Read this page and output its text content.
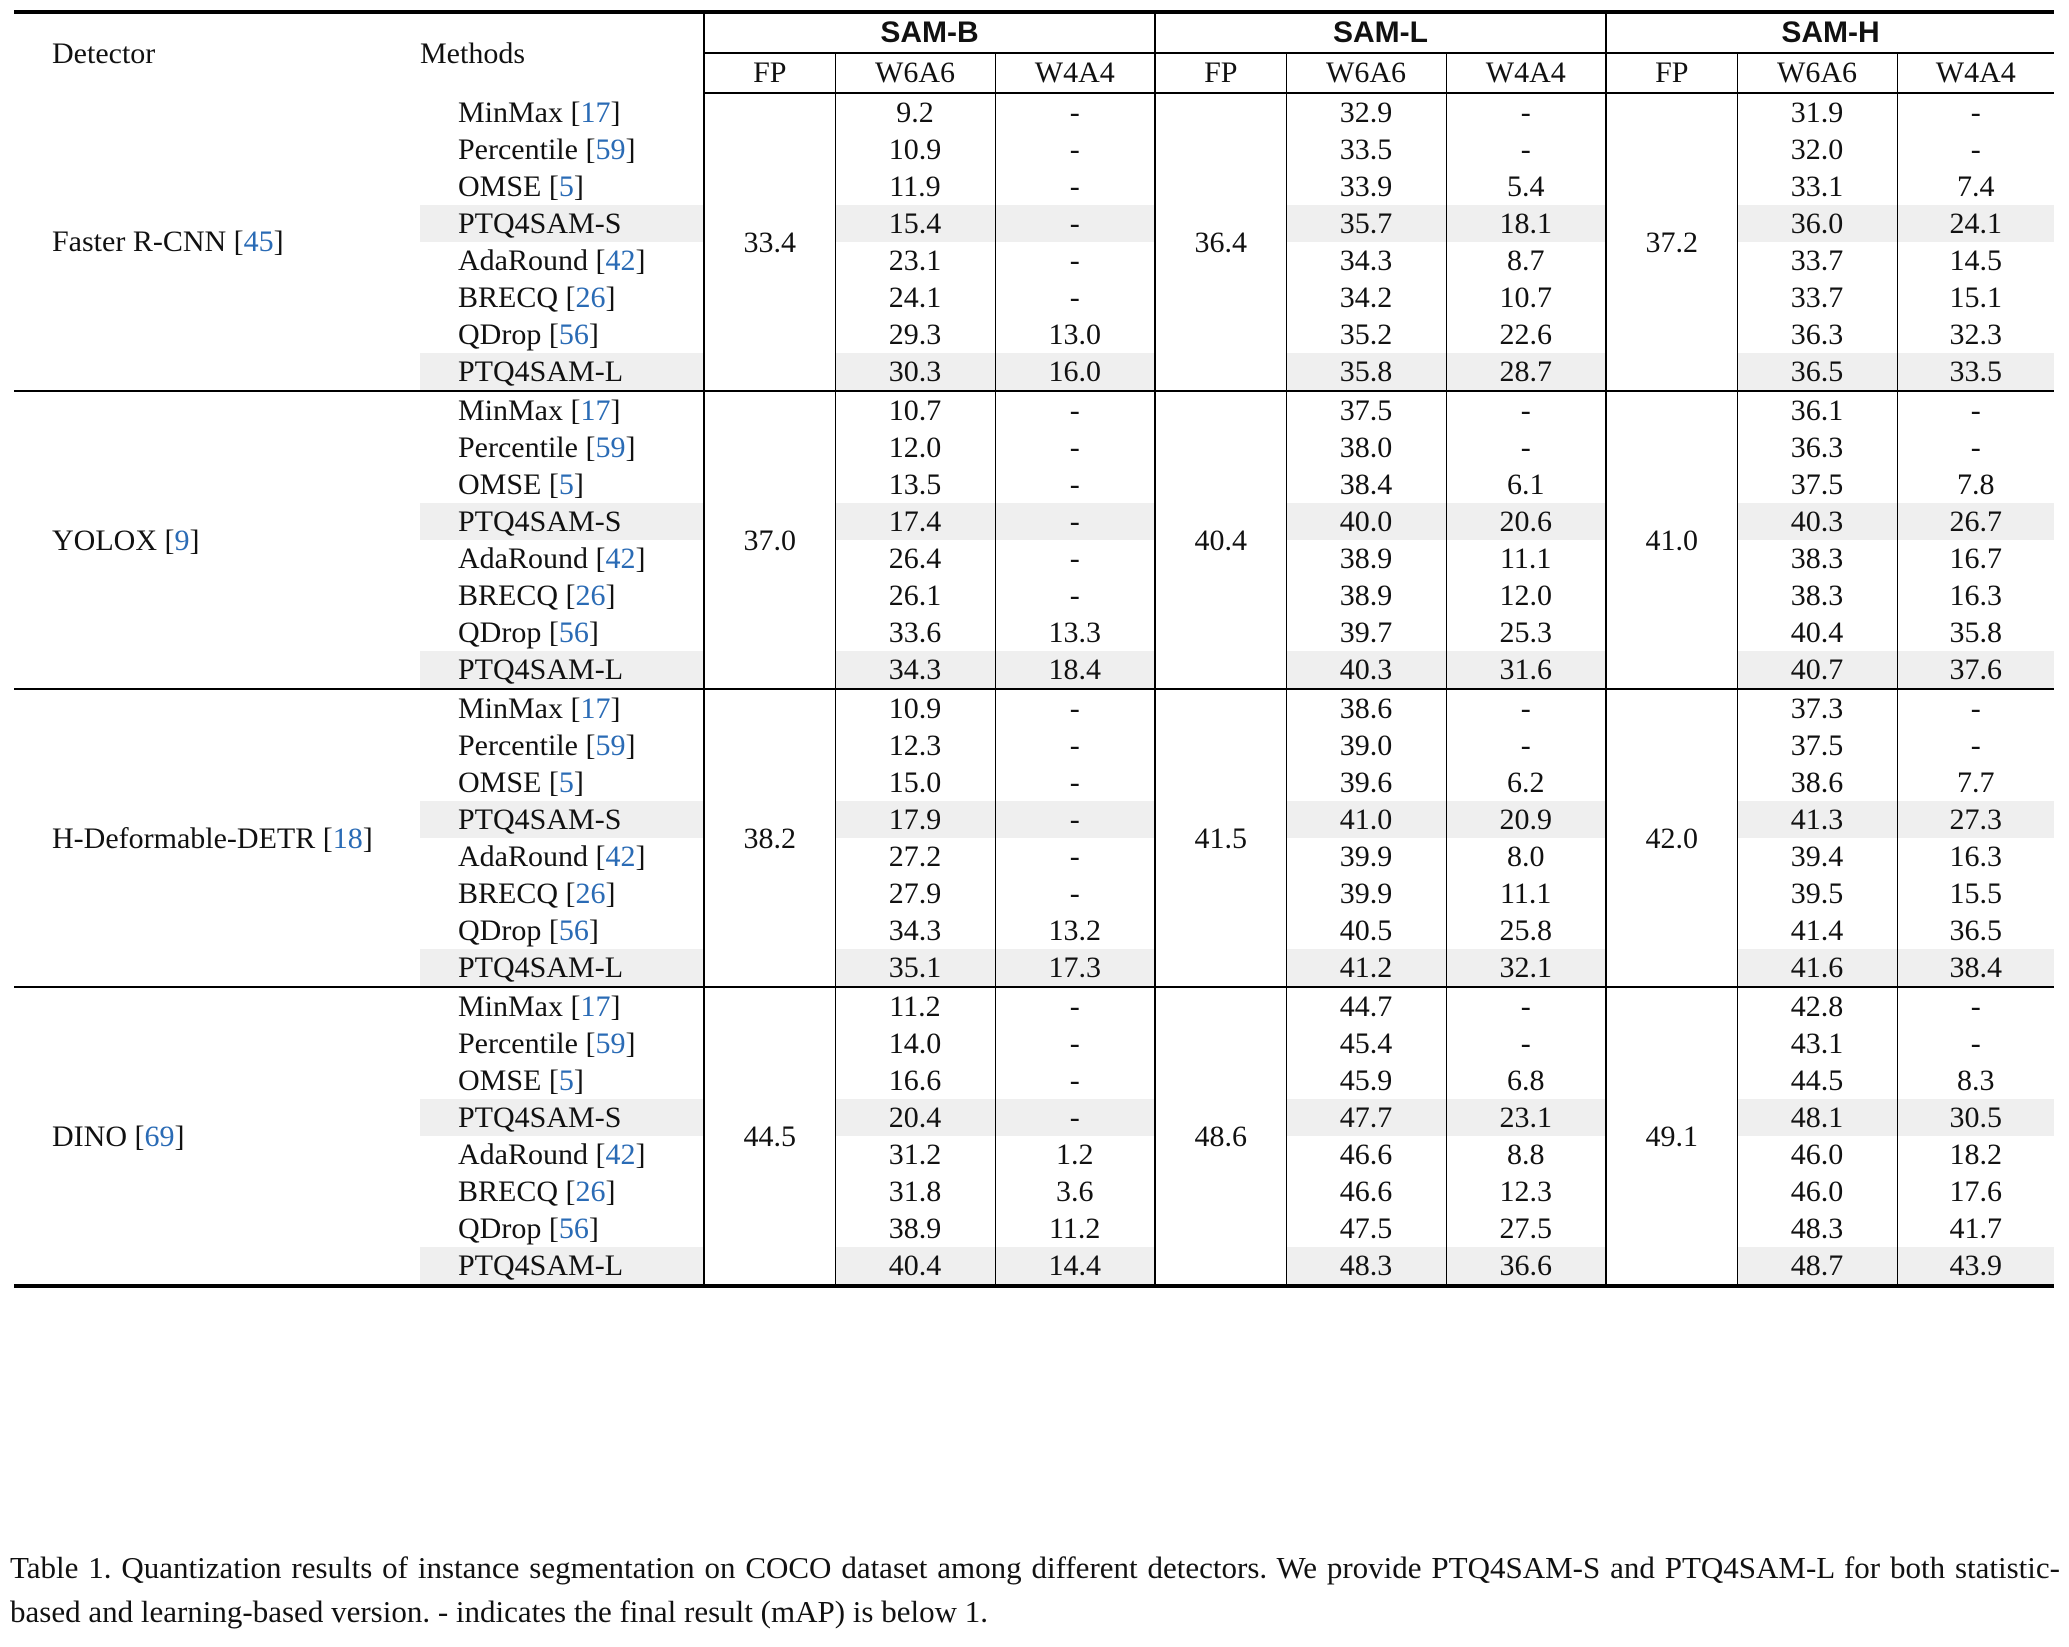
Detector	Methods	SAM-B			SAM-L			SAM-H		
		FP	W6A6	W4A4	FP	W6A6	W4A4	FP	W6A6	W4A4
Faster R-CNN [45]	MinMax [17]	33.4	9.2	-	36.4	32.9	-	37.2	31.9	-
	Percentile [59]		10.9	-		33.5	-		32.0	-
	OMSE [5]		11.9	-		33.9	5.4		33.1	7.4
	PTQ4SAM-S		15.4	-		35.7	18.1		36.0	24.1
	AdaRound [42]		23.1	-		34.3	8.7		33.7	14.5
	BRECQ [26]		24.1	-		34.2	10.7		33.7	15.1
	QDrop [56]		29.3	13.0		35.2	22.6		36.3	32.3
	PTQ4SAM-L		30.3	16.0		35.8	28.7		36.5	33.5
YOLOX [9]	MinMax [17]	37.0	10.7	-	40.4	37.5	-	41.0	36.1	-
	Percentile [59]		12.0	-		38.0	-		36.3	-
	OMSE [5]		13.5	-		38.4	6.1		37.5	7.8
	PTQ4SAM-S		17.4	-		40.0	20.6		40.3	26.7
	AdaRound [42]		26.4	-		38.9	11.1		38.3	16.7
	BRECQ [26]		26.1	-		38.9	12.0		38.3	16.3
	QDrop [56]		33.6	13.3		39.7	25.3		40.4	35.8
	PTQ4SAM-L		34.3	18.4		40.3	31.6		40.7	37.6
H-Deformable-DETR [18]	MinMax [17]	38.2	10.9	-	41.5	38.6	-	42.0	37.3	-
	Percentile [59]		12.3	-		39.0	-		37.5	-
	OMSE [5]		15.0	-		39.6	6.2		38.6	7.7
	PTQ4SAM-S		17.9	-		41.0	20.9		41.3	27.3
	AdaRound [42]		27.2	-		39.9	8.0		39.4	16.3
	BRECQ [26]		27.9	-		39.9	11.1		39.5	15.5
	QDrop [56]		34.3	13.2		40.5	25.8		41.4	36.5
	PTQ4SAM-L		35.1	17.3		41.2	32.1		41.6	38.4
DINO [69]	MinMax [17]	44.5	11.2	-	48.6	44.7	-	49.1	42.8	-
	Percentile [59]		14.0	-		45.4	-		43.1	-
	OMSE [5]		16.6	-		45.9	6.8		44.5	8.3
	PTQ4SAM-S		20.4	-		47.7	23.1		48.1	30.5
	AdaRound [42]		31.2	1.2		46.6	8.8		46.0	18.2
	BRECQ [26]		31.8	3.6		46.6	12.3		46.0	17.6
	QDrop [56]		38.9	11.2		47.5	27.5		48.3	41.7
	PTQ4SAM-L		40.4	14.4		48.3	36.6		48.7	43.9

Table 1. Quantization results of instance segmentation on COCO dataset among different detectors. We provide PTQ4SAM-S and PTQ4SAM-L for both statistic-based and learning-based version. - indicates the final result (mAP) is below 1.
